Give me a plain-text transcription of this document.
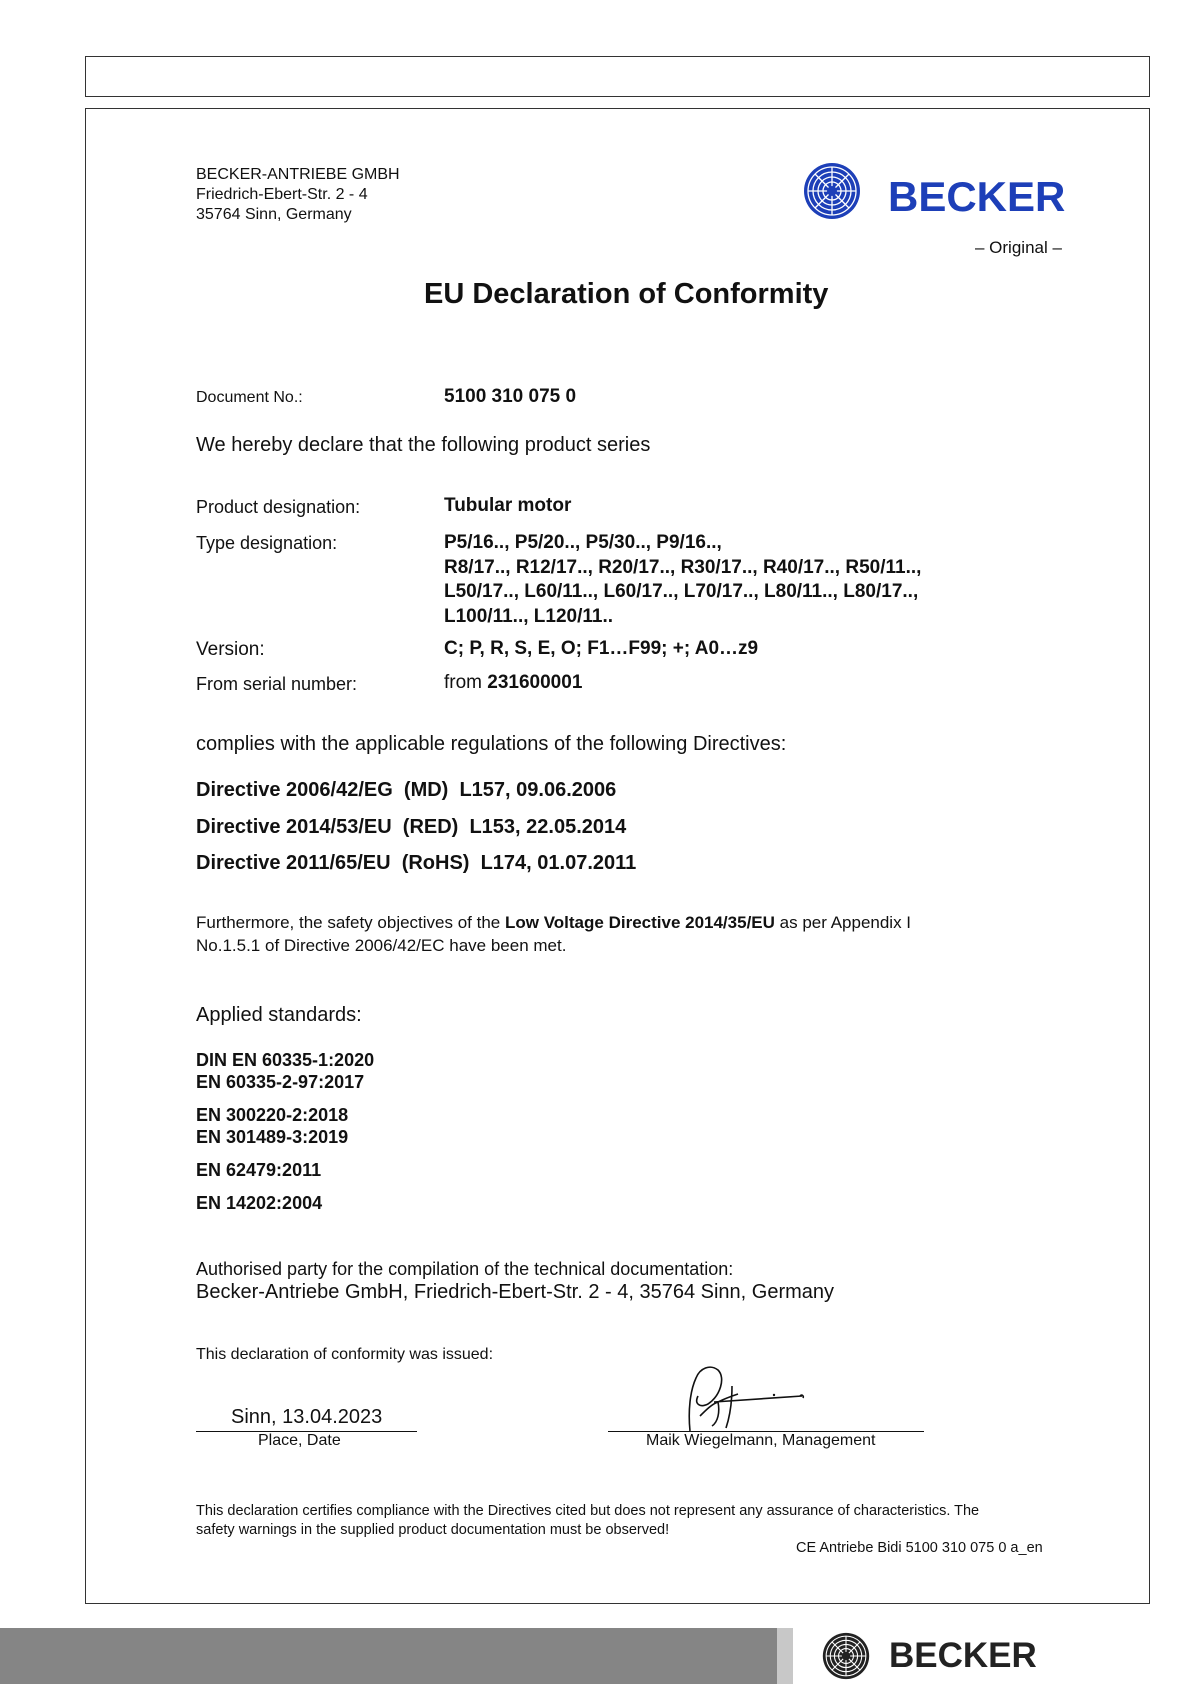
BECKER-ANTRIEBE GMBH
Friedrich-Ebert-Str. 2 - 4
35764 Sinn, Germany	BECKER
– Original –
EU Declaration of Conformity
Document No.:	5100 310 075 0
We hereby declare that the following product series
Product designation:	Tubular motor
Type designation:	P5/16.., P5/20.., P5/30.., P9/16..,
R8/17.., R12/17.., R20/17.., R30/17.., R40/17.., R50/11..,
L50/17.., L60/11.., L60/17.., L70/17.., L80/11.., L80/17..,
L100/11.., L120/11..
Version:	C; P, R, S, E, O; F1…F99; +; A0…z9
From serial number:	from 231600001
complies with the applicable regulations of the following Directives:
Directive 2006/42/EG  (MD)  L157, 09.06.2006
Directive 2014/53/EU  (RED)  L153, 22.05.2014
Directive 2011/65/EU  (RoHS)  L174, 01.07.2011
Furthermore, the safety objectives of the Low Voltage Directive 2014/35/EU as per Appendix I
No.1.5.1 of Directive 2006/42/EC have been met.
Applied standards:
DIN EN 60335-1:2020
EN 60335-2-97:2017
EN 300220-2:2018
EN 301489-3:2019
EN 62479:2011
EN 14202:2004
Authorised party for the compilation of the technical documentation:
Becker-Antriebe GmbH, Friedrich-Ebert-Str. 2 - 4, 35764 Sinn, Germany
This declaration of conformity was issued:
Sinn, 13.04.2023
Place, Date	Maik Wiegelmann, Management
This declaration certifies compliance with the Directives cited but does not represent any assurance of characteristics. The
safety warnings in the supplied product documentation must be observed!
CE Antriebe Bidi 5100 310 075 0 a_en
BECKER
